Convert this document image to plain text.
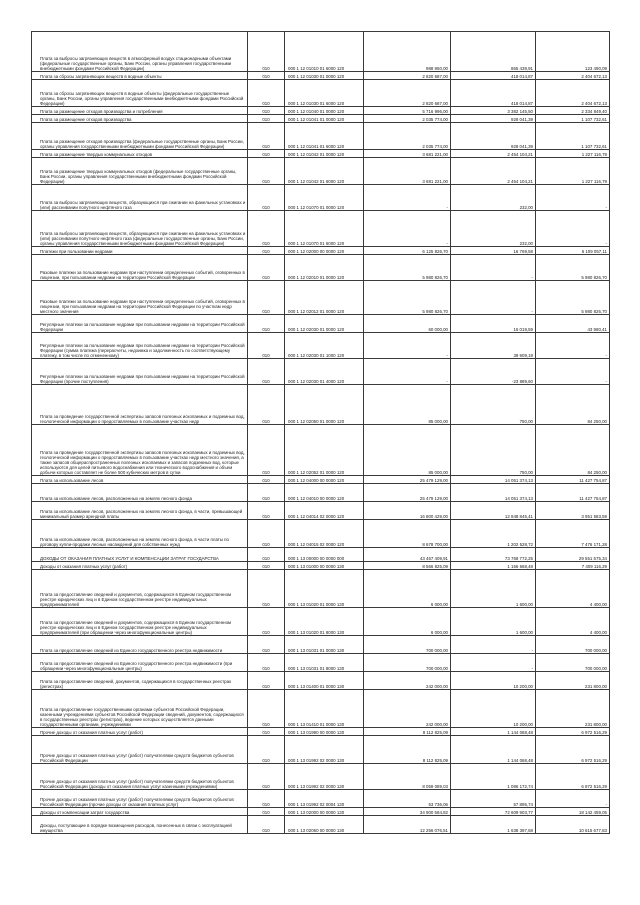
Плата за выбросы загрязняющих веществ в атмосферный воздух стационарными объектами (федеральные государственные органы, Банк России, органы управления государственными внебюджетными фондами Российской Федерации)	010	000 1 12 01010 01 6000 120	988 950,00	865 439,91	123 490,09
Плата за сбросы загрязняющих веществ в водные объекты	010	000 1 12 01030 01 0000 120	2 820 687,00	418 014,87	2 404 672,13
Плата за сбросы загрязняющих веществ в водные объекты (федеральные государственные органы, Банк России, органы управления государственными внебюджетными фондами Российской Федерации)	010	000 1 12 01030 01 6000 120	2 820 687,00	418 014,87	2 404 672,13
Плата за размещение отходов производства и потребления	010	000 1 12 01040 01 0000 120	5 716 996,00	3 382 145,50	2 334 849,40
Плата за размещение отходов производства	010	000 1 12 01041 01 0000 120	2 035 774,00	928 041,39	1 107 732,61
Плата за размещение отходов производства (федеральные государственные органы, Банк России, органы управления государственными внебюджетными фондами Российской Федерации)	010	000 1 12 01041 01 6000 120	2 035 774,00	928 041,39	1 107 732,61
Плата за размещение твердых коммунальных отходов	010	000 1 12 01042 01 0000 120	3 681 221,00	2 454 104,21	1 227 116,79
Плата за размещение твердых коммунальных отходов (федеральные государственные органы, Банк России, органы управления государственными внебюджетными фондами Российской Федерации)	010	000 1 12 01042 01 6000 120	3 681 221,00	2 454 104,21	1 227 116,79
Плата за выбросы загрязняющих веществ, образующихся при сжигании на факельных установках и (или) рассеивании попутного нефтяного газа	010	000 1 12 01070 01 0000 120	-	232,00	-
Плата за выбросы загрязняющих веществ, образующихся при сжигании на факельных установках и (или) рассеивании попутного нефтяного газа (федеральные государственные органы, Банк России, органы управления государственными внебюджетными фондами Российской Федерации)	010	000 1 12 01070 01 6000 120	-	232,00	-
Платежи при пользовании недрами	010	000 1 12 02000 00 0000 120	6 125 826,70	16 769,58	6 109 057,11
Разовые платежи за пользование недрами при наступлении определенных событий, оговоренных в лицензии, при пользовании недрами на территории Российской Федерации	010	000 1 12 02010 01 0000 120	5 980 826,70	-	5 980 826,70
Разовые платежи за пользование недрами при наступлении определенных событий, оговоренных в лицензии, при пользовании недрами на территории Российской Федерации по участкам недр местного значения	010	000 1 12 02012 01 0000 120	5 980 826,70	-	5 980 826,70
Регулярные платежи за пользование недрами при пользовании недрами на территории Российской Федерации	010	000 1 12 02030 01 0000 120	60 000,00	16 019,59	43 980,41
Регулярные платежи за пользование недрами при пользовании недрами на территории Российской Федерации (сумма платежа (перерасчеты, недоимка и задолженность по соответствующему платежу, в том числе по отмененному)	010	000 1 12 02030 01 1000 120	-	39 909,19	-
Регулярные платежи за пользование недрами при пользовании недрами на территории Российской Федерации (прочие поступления)	010	000 1 12 02030 01 4000 120	-	-23 889,60	-
Плата за проведение государственной экспертизы запасов полезных ископаемых и подземных вод, геологической информации о предоставляемых в пользование участках недр	010	000 1 12 02050 01 0000 120	85 000,00	750,00	84 250,00
Плата за проведение государственной экспертизы запасов полезных ископаемых и подземных вод, геологической информации о предоставляемых в пользование участках недр местного значения, а также запасов общераспространенных полезных ископаемых и запасов подземных вод, которые используются для целей питьевого водоснабжения или технического водоснабжения и объем добычи которых составляет не более 500 кубических метров в сутки	010	000 1 12 02052 01 0000 120	85 000,00	750,00	84 250,00
Плата за использование лесов	010	000 1 12 04000 00 0000 120	25 479 129,00	14 051 374,13	11 427 754,87
Плата за использование лесов, расположенных на землях лесного фонда	010	000 1 12 04010 00 0000 120	25 479 129,00	14 051 374,13	11 427 754,87
Плата за использование лесов, расположенных на землях лесного фонда, в части, превышающей минимальный размер арендной платы	010	000 1 12 04014 02 0000 120	16 800 429,00	12 848 845,41	3 951 583,59
Плата за использование лесов, расположенных на землях лесного фонда, в части платы по договору купли-продажи лесных насаждений для собственных нужд	010	000 1 12 04015 02 0000 120	8 678 700,00	1 202 528,72	7 476 171,28
ДОХОДЫ ОТ ОКАЗАНИЯ ПЛАТНЫХ УСЛУГ И КОМПЕНСАЦИИ ЗАТРАТ ГОСУДАРСТВА	010	000 1 13 00000 00 0000 000	43 467 409,91	73 768 772,25	29 551 575,34
Доходы от оказания платных услуг (работ)	010	000 1 13 01000 00 0000 130	8 566 825,09	1 156 668,48	7 409 116,29
Плата за предоставление сведений и документов, содержащихся в Едином государственном реестре юридических лиц и в Едином государственном реестре индивидуальных предпринимателей	010	000 1 13 01020 01 0000 130	6 000,00	1 600,00	4 400,00
Плата за предоставление сведений и документов, содержащихся в Едином государственном реестре юридических лиц и в Едином государственном реестре индивидуальных предпринимателей (при обращении через многофункциональные центры)	010	000 1 13 01020 01 8000 130	6 000,00	1 600,00	4 400,00
Плата за предоставление сведений из Единого государственного реестра недвижимости	010	000 1 13 01031 01 0000 130	700 000,00	-	700 000,00
Плата за предоставление сведений из Единого государственного реестра недвижимости (при обращении через многофункциональные центры)	010	000 1 13 01031 01 8000 130	700 000,00	-	700 000,00
Плата за предоставление сведений, документов, содержащихся в государственных реестрах (регистрах)	010	000 1 13 01400 01 0000 130	242 000,00	10 200,00	231 800,00
Плата за предоставление государственными органами субъектов Российской Федерации, казенными учреждениями субъектов Российской Федерации сведений, документов, содержащихся в государственных реестрах (регистрах), ведение которых осуществляется данными государственными органами, учреждениями	010	000 1 13 01410 01 0000 130	242 000,00	10 200,00	231 800,00
Прочие доходы от оказания платных услуг (работ)	010	000 1 13 01990 00 0000 130	8 112 825,09	1 144 068,48	6 972 516,29
Прочие доходы от оказания платных услуг (работ) получателями средств бюджетов субъектов Российской Федерации	010	000 1 13 01992 02 0000 130	8 112 825,09	1 144 068,48	6 972 516,29
Прочие доходы от оказания платных услуг (работ) получателями средств бюджетов субъектов Российской Федерации (доходы от оказания платных услуг казенными учреждениями)	010	000 1 13 01992 02 0000 130	8 059 089,03	1 086 172,74	6 972 516,29
Прочие доходы от оказания платных услуг (работ) получателями средств бюджетов субъектов Российской Федерации (прочие доходы от оказания платных услуг)	010	000 1 13 01992 02 0004 130	53 736,06	57 895,74	-
Доходы от компенсации затрат государства	010	000 1 13 02000 00 0000 130	34 900 584,82	72 609 903,77	18 142 459,05
Доходы, поступающие в порядке возмещения расходов, понесенных в связи с эксплуатацией имущества	010	000 1 13 02060 00 0000 130	12 256 076,51	1 638 397,68	10 615 677,83
